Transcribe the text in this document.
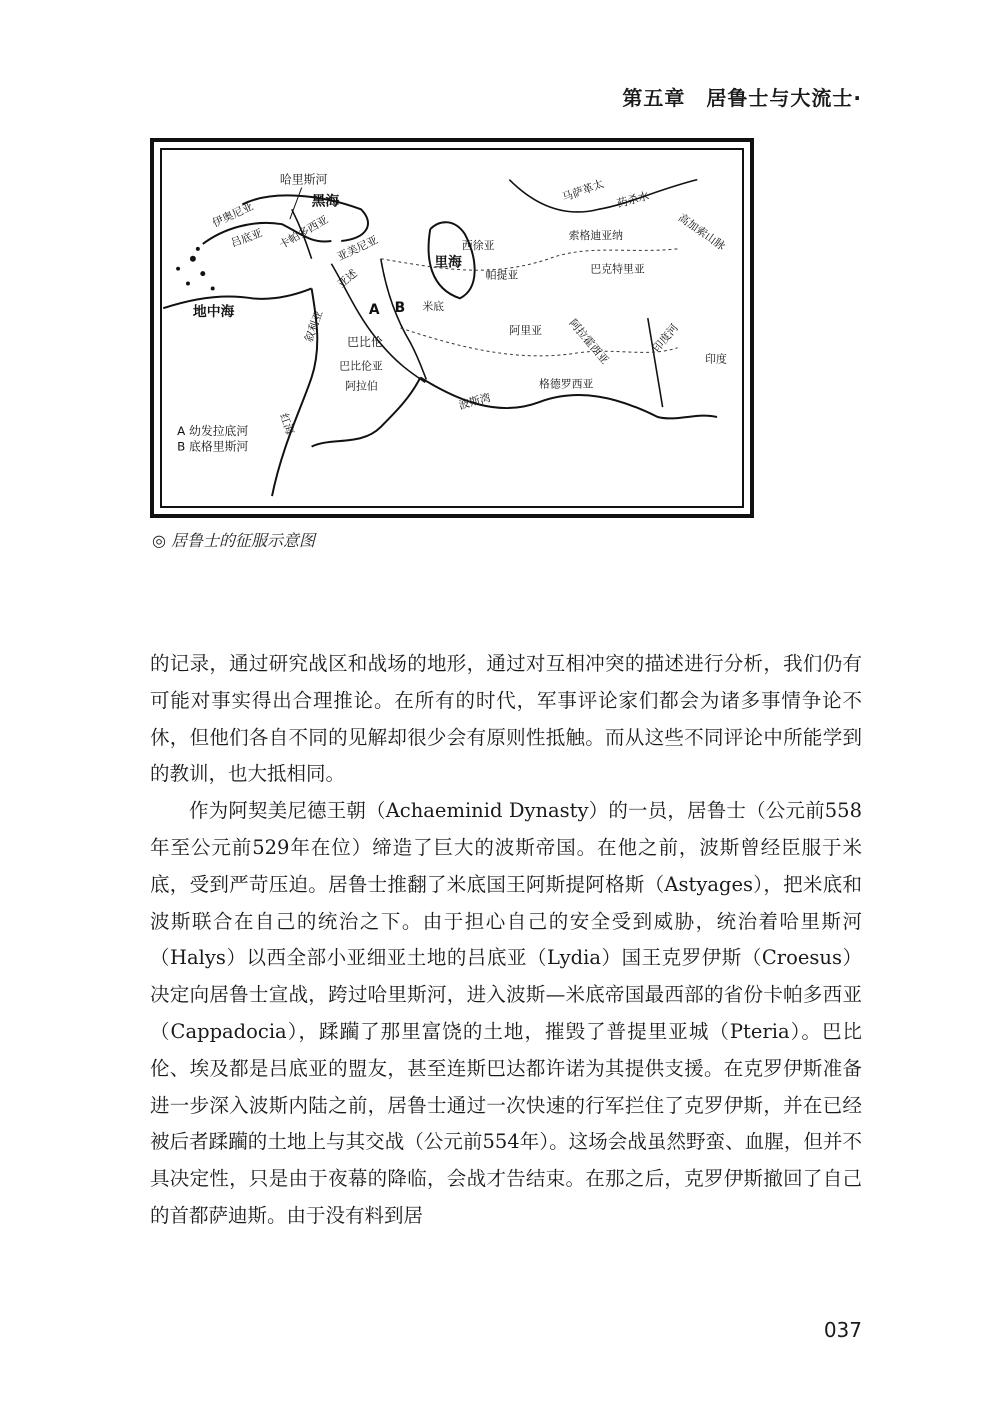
第五章　居鲁士与大流士·
哈里斯河
黑海
地中海
里海
巴比伦
巴比伦亚
阿拉伯
红海
波斯湾
吕底亚
伊奥尼亚 卡帕多西亚 亚美尼亚
亚述
叙利亚	A B 米底
西徐亚
帕提亚
阿里亚
巴克特里亚
索格迪亚纳
阿拉霍西亚
格德罗西亚
印度
印度河
药杀水
马萨革太
高加索山脉
A 幼发拉底河
B 底格里斯河
◎ 居鲁士的征服示意图

的记录，通过研究战区和战场的地形，通过对互相冲突的描述进行分析，我们仍有可能对事实得出合理推论。在所有的时代，军事评论家们都会为诸多事情争论不休，但他们各自不同的见解却很少会有原则性抵触。而从这些不同评论中所能学到的教训，也大抵相同。

作为阿契美尼德王朝（Achaeminid Dynasty）的一员，居鲁士（公元前558年至公元前529年在位）缔造了巨大的波斯帝国。在他之前，波斯曾经臣服于米底，受到严苛压迫。居鲁士推翻了米底国王阿斯提阿格斯（Astyages），把米底和波斯联合在自己的统治之下。由于担心自己的安全受到威胁，统治着哈里斯河（Halys）以西全部小亚细亚土地的吕底亚（Lydia）国王克罗伊斯（Croesus）决定向居鲁士宣战，跨过哈里斯河，进入波斯—米底帝国最西部的省份卡帕多西亚（Cappadocia），蹂躏了那里富饶的土地，摧毁了普提里亚城（Pteria）。巴比伦、埃及都是吕底亚的盟友，甚至连斯巴达都许诺为其提供支援。在克罗伊斯准备进一步深入波斯内陆之前，居鲁士通过一次快速的行军拦住了克罗伊斯，并在已经被后者蹂躏的土地上与其交战（公元前554年）。这场会战虽然野蛮、血腥，但并不具决定性，只是由于夜幕的降临，会战才告结束。在那之后，克罗伊斯撤回了自己的首都萨迪斯。由于没有料到居

037
